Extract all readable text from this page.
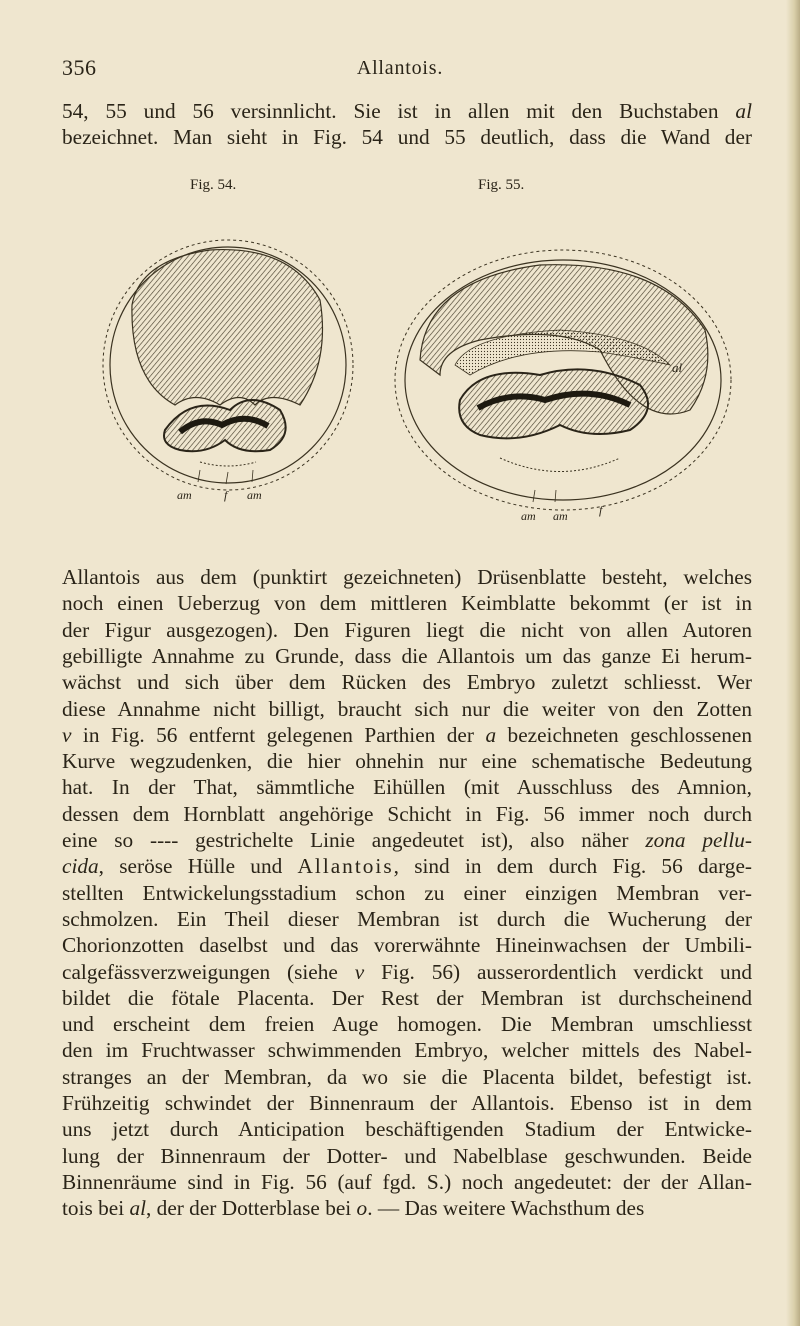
356	Allantois.
54, 55 und 56 versinnlicht. Sie ist in allen mit den Buchstaben al
bezeichnet. Man sieht in Fig. 54 und 55 deutlich, dass die Wand der
Fig. 54.	Fig. 55.
am	f am
al
am am	f
Allantois aus dem (punktirt gezeichneten) Drüsenblatte besteht, welches
noch einen Ueberzug von dem mittleren Keimblatte bekommt (er ist in
der Figur ausgezogen). Den Figuren liegt die nicht von allen Autoren
gebilligte Annahme zu Grunde, dass die Allantois um das ganze Ei herum-
wächst und sich über dem Rücken des Embryo zuletzt schliesst. Wer
diese Annahme nicht billigt, braucht sich nur die weiter von den Zotten
v in Fig. 56 entfernt gelegenen Parthien der a bezeichneten geschlossenen
Kurve wegzudenken, die hier ohnehin nur eine schematische Bedeutung
hat. In der That, sämmtliche Eihüllen (mit Ausschluss des Amnion,
dessen dem Hornblatt angehörige Schicht in Fig. 56 immer noch durch
eine so ---- gestrichelte Linie angedeutet ist), also näher zona pellu-
cida, seröse Hülle und Allantois, sind in dem durch Fig. 56 darge-
stellten Entwickelungsstadium schon zu einer einzigen Membran ver-
schmolzen. Ein Theil dieser Membran ist durch die Wucherung der
Chorionzotten daselbst und das vorerwähnte Hineinwachsen der Umbili-
calgefässverzweigungen (siehe v Fig. 56) ausserordentlich verdickt und
bildet die fötale Placenta. Der Rest der Membran ist durchscheinend
und erscheint dem freien Auge homogen. Die Membran umschliesst
den im Fruchtwasser schwimmenden Embryo, welcher mittels des Nabel-
stranges an der Membran, da wo sie die Placenta bildet, befestigt ist.
Frühzeitig schwindet der Binnenraum der Allantois. Ebenso ist in dem
uns jetzt durch Anticipation beschäftigenden Stadium der Entwicke-
lung der Binnenraum der Dotter- und Nabelblase geschwunden. Beide
Binnenräume sind in Fig. 56 (auf fgd. S.) noch angedeutet: der der Allan-
tois bei al, der der Dotterblase bei o. — Das weitere Wachsthum des
